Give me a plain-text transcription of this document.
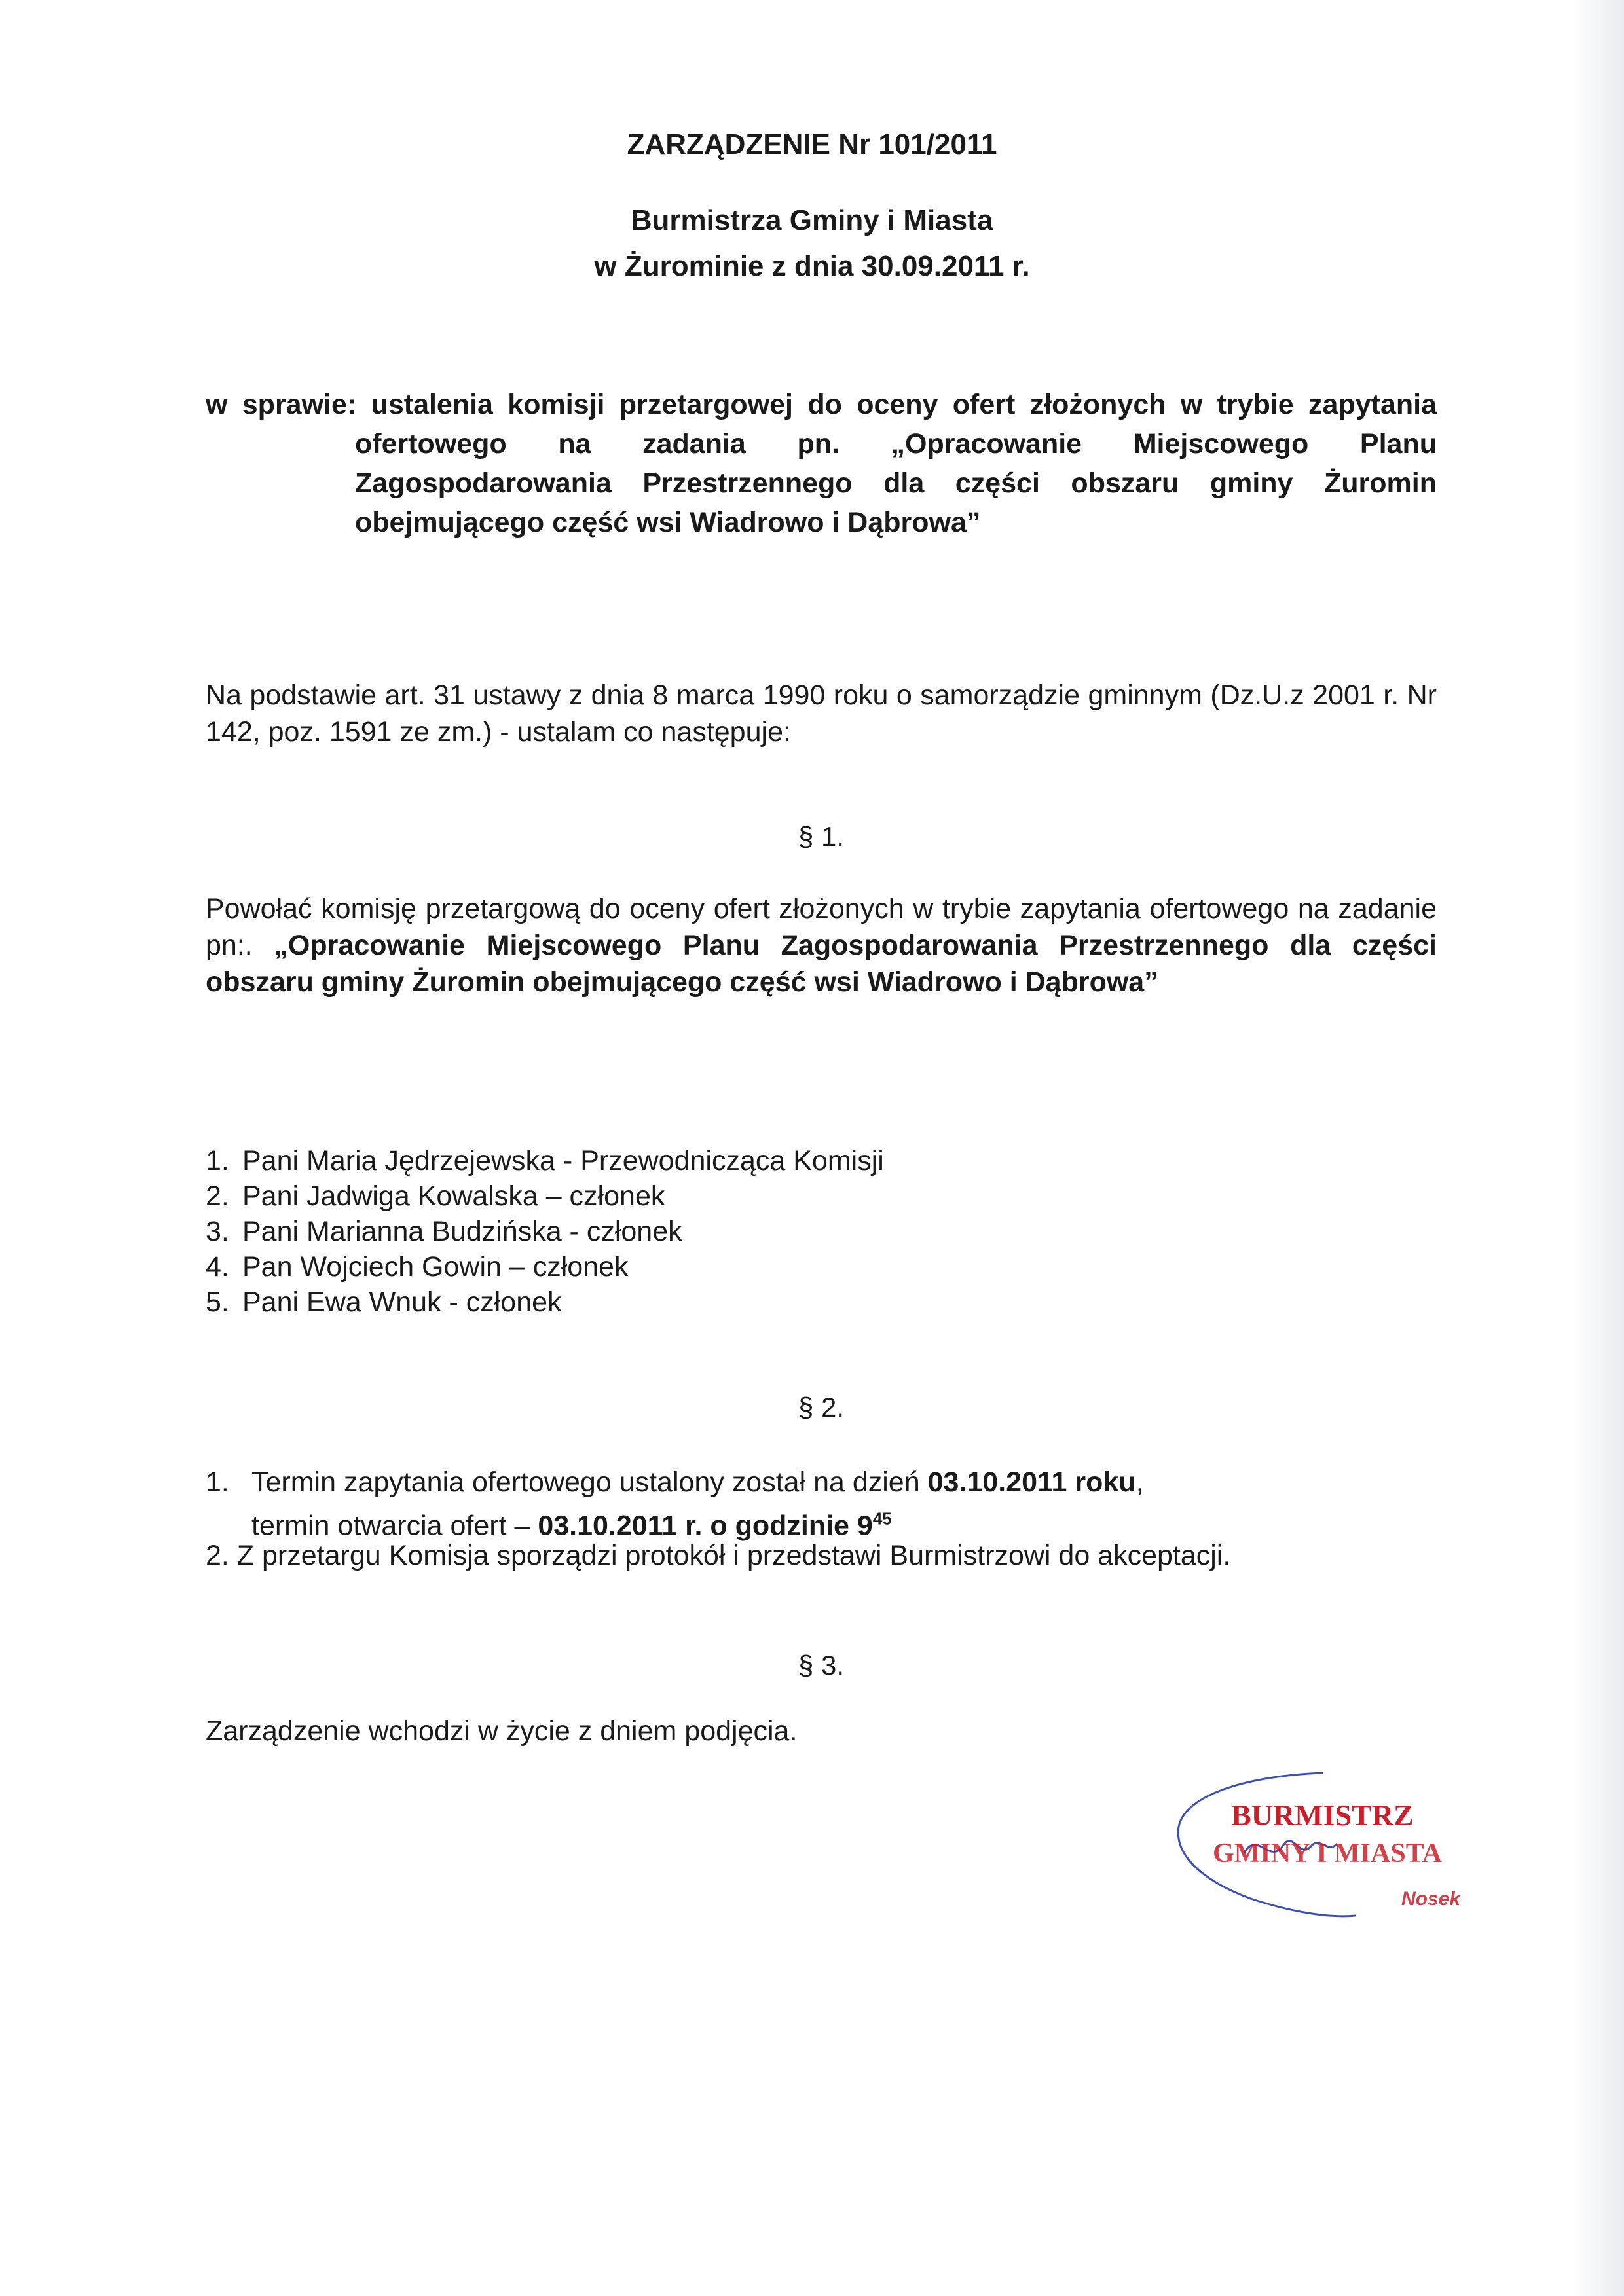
ZARZĄDZENIE Nr 101/2011
Burmistrza Gminy i Miasta
w Żurominie z dnia 30.09.2011 r.

w sprawie: ustalenia komisji przetargowej do oceny ofert złożonych w trybie zapytania ofertowego na zadania pn. „Opracowanie Miejscowego Planu Zagospodarowania Przestrzennego dla części obszaru gminy Żuromin obejmującego część wsi Wiadrowo i Dąbrowa”

Na podstawie art. 31 ustawy z dnia 8 marca 1990 roku o samorządzie gminnym (Dz.U.z 2001 r. Nr 142, poz. 1591 ze zm.) - ustalam co następuje:

§ 1.

Powołać komisję przetargową do oceny ofert złożonych w trybie zapytania ofertowego na zadanie pn:. „Opracowanie Miejscowego Planu Zagospodarowania Przestrzennego dla części obszaru gminy Żuromin obejmującego część wsi Wiadrowo i Dąbrowa”

1. Pani Maria Jędrzejewska - Przewodnicząca Komisji
2. Pani Jadwiga Kowalska – członek
3. Pani Marianna Budzińska - członek
4. Pan Wojciech Gowin – członek
5. Pani Ewa Wnuk - członek
§ 2.
1. Termin zapytania ofertowego ustalony został na dzień 03.10.2011 roku,
termin otwarcia ofert – 03.10.2011 r. o godzinie $9^{45}$
2. Z przetargu Komisja sporządzi protokół i przedstawi Burmistrzowi do akceptacji.
§ 3.
Zarządzenie wchodzi w życie z dniem podjęcia.
BURMISTRZ
GMINY I MIASTA
Nosek
